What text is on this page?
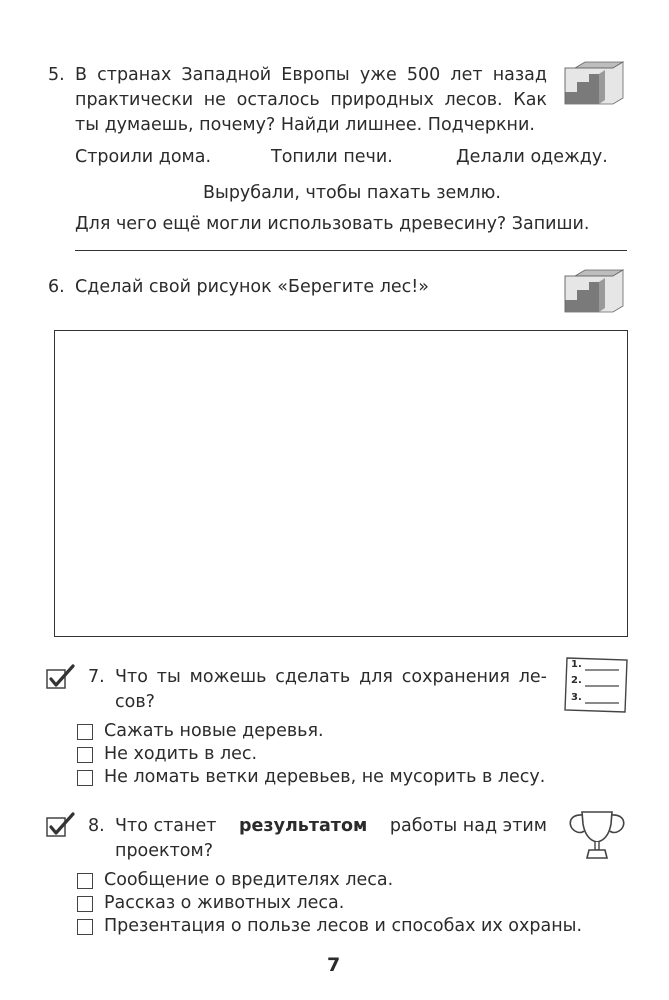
5. В странах Западной Европы уже 500 лет назад
практически не осталось природных лесов. Как
ты думаешь, почему? Найди лишнее. Подчеркни.
Строили дома.	Топили печи.	Делали одежду.
Вырубали, чтобы пахать землю.
Для чего ещё могли использовать древесину? Запиши.
6. Сделай свой рисунок «Берегите лес!»
7. Что ты можешь сделать для сохранения ле-
сов?
1.
2.
3.
Сажать новые деревья.
Не ходить в лес.
Не ломать ветки деревьев, не мусорить в лесу.
8. Что станет результатом работы над этим
проектом?
Сообщение о вредителях леса.
Рассказ о животных леса.
Презентация о пользе лесов и способах их охраны.
7
